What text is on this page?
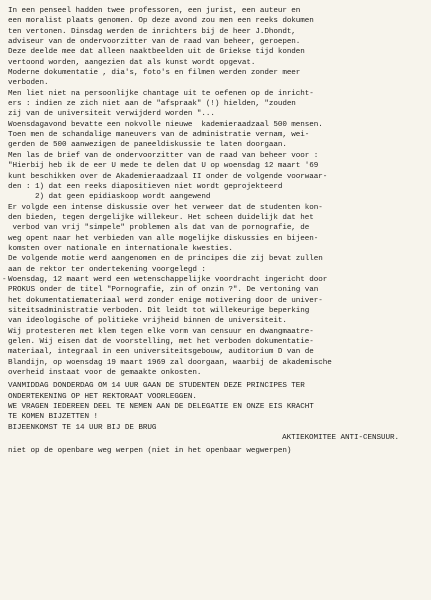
-
In een penseel hadden twee professoren, een jurist, een auteur en
een moralist plaats genomen. Op deze avond zou men een reeks dokumen
ten vertonen. Dinsdag werden de inrichters bij de heer J.Dhondt,
adviseur van de ondervoorzitter van de raad van beheer, geroepen.
Deze deelde mee dat alleen naaktbeelden uit de Griekse tijd konden
vertoond worden, aangezien dat als kunst wordt opgevat.
Moderne dokumentatie , dia's, foto's en filmen werden zonder meer
verboden.
Men liet niet na persoonlijke chantage uit te oefenen op de inricht-
ers : indien ze zich niet aan de "afspraak" (!) hielden, "zouden
zij van de universiteit verwijderd worden "...
Woensdagavond bevatte een nokvolle nieuwe  kademieraadzaal 500 mensen.
Toen men de schandalige maneuvers van de administratie vernam, wei-
gerden de 500 aanwezigen de paneeldiskussie te laten doorgaan.
Men las de brief van de ondervoorzitter van de raad van beheer voor :
"Hierbij heb ik de eer U mede te delen dat U op woensdag 12 maart '69
kunt beschikken over de Akademieraadzaal II onder de volgende voorwaar-
den : 1) dat een reeks diapositieven niet wordt geprojekteerd
2) dat geen epidiaskoop wordt aangewend
Er volgde een intense diskussie over het verweer dat de studenten kon-
den bieden, tegen dergelijke willekeur. Het scheen duidelijk dat het
verbod van vrij "simpele" problemen als dat van de pornografie, de
weg opent naar het verbieden van alle mogelijke diskussies en bijeen-
komsten over nationale en internationale kwesties.
De volgende motie werd aangenomen en de principes die zij bevat zullen
aan de rektor ter ondertekening voorgelegd :
Woensdag, 12 maart werd een wetenschappelijke voordracht ingericht door
PROKUS onder de titel "Pornografie, zin of onzin ?". De vertoning van
het dokumentatiemateriaal werd zonder enige motivering door de univer-
siteitsadministratie verboden. Dit leidt tot willekeurige beperking
van ideologische of politieke vrijheid binnen de universiteit.
Wij protesteren met klem tegen elke vorm van censuur en dwangmaatre-
gelen. Wij eisen dat de voorstelling, met het verboden dokumentatie-
materiaal, integraal in een universiteitsgebouw, auditorium D van de
Blandijn, op woensdag 19 maart 1969 zal doorgaan, waarbij de akademische
overheid instaat voor de gemaakte onkosten.
VANMIDDAG DONDERDAG OM 14 UUR GAAN DE STUDENTEN DEZE PRINCIPES TER
ONDERTEKENING OP HET REKTORAAT VOORLEGGEN.
WE VRAGEN IEDEREEN DEEL TE NEMEN AAN DE DELEGATIE EN ONZE EIS KRACHT
TE KOMEN BIJZETTEN !
BIJEENKOMST TE 14 UUR BIJ DE BRUG
AKTIEKOMITEE ANTI-CENSUUR.
niet op de openbare weg werpen (niet in het openbaar wegwerpen)
